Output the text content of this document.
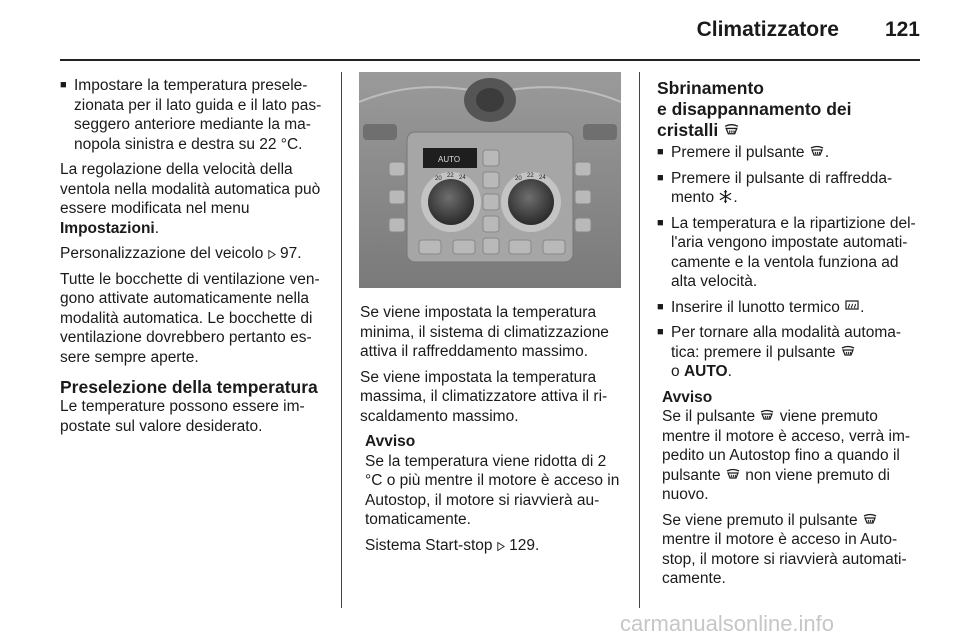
Climatizzatore 121
■ Impostare la temperatura presele- zionata per il lato guida e il lato pas- seggero anteriore mediante la ma- nopola sinistra e destra su 22 °C.

La regolazione della velocità della ventola nella modalità automatica può essere modificata nel menu Impostazioni.

Personalizzazione del veicolo 97.

Tutte le bocchette di ventilazione ven- gono attivate automaticamente nella modalità automatica. Le bocchette di ventilazione dovrebbero pertanto es- sere sempre aperte.

Preselezione della temperatura

Le temperature possono essere im- postate sul valore desiderato.

AUTO
20 22 24	20 22 24

Se viene impostata la temperatura minima, il sistema di climatizzazione attiva il raffreddamento massimo.

Se viene impostata la temperatura massima, il climatizzatore attiva il ri- scaldamento massimo.

Avviso

Se la temperatura viene ridotta di 2 °C o più mentre il motore è acceso in Autostop, il motore si riavvierà au- tomaticamente.

Sistema Start-stop 129.

Sbrinamento
e disappannamento dei
cristalli
■ Premere il pulsante .
■ Premere il pulsante di raffredda- mento .
■ La temperatura e la ripartizione del- l'aria vengono impostate automati- camente e la ventola funziona ad alta velocità.
■ Inserire il lunotto termico .
■ Per tornare alla modalità automa- tica: premere il pulsante
o AUTO.
Avviso

Se il pulsante viene premuto mentre il motore è acceso, verrà im- pedito un Autostop fino a quando il pulsante non viene premuto di nuovo.

Se viene premuto il pulsante  mentre il motore è acceso in Auto- stop, il motore si riavvierà automati- camente.

carmanualsonline.info
